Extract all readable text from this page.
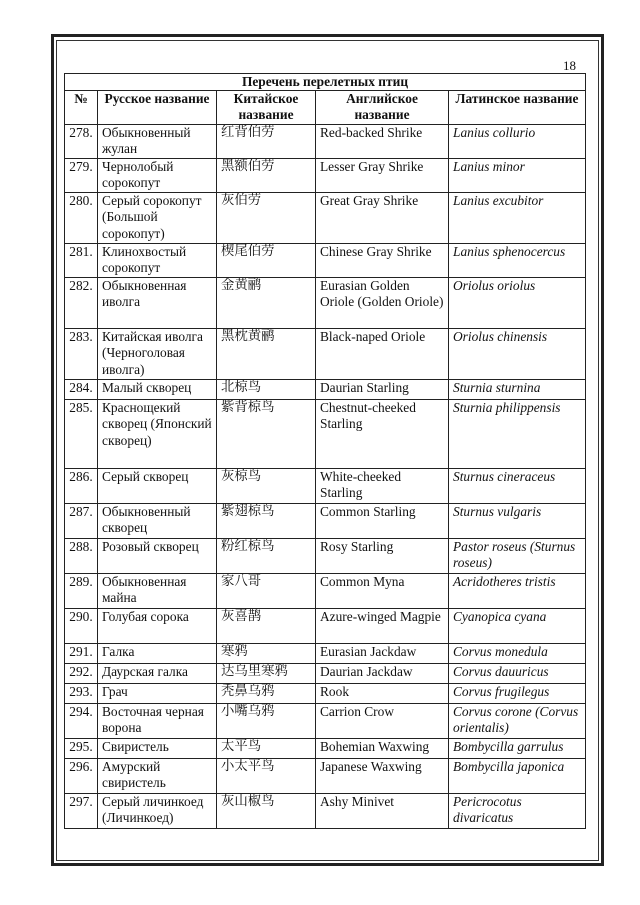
18
Перечень перелетных птиц				
№	Русское название	Китайское название	Английское название	Латинское название
278.	Обыкновенный жулан	红背伯劳	Red-backed Shrike	Lanius collurio
279.	Чернолобый сорокопут	黑额伯劳	Lesser Gray Shrike	Lanius minor
280.	Серый сорокопут (Большой сорокопут)	灰伯劳	Great Gray Shrike	Lanius excubitor
281.	Клинохвостый сорокопут	楔尾伯劳	Chinese Gray Shrike	Lanius sphenocercus
282.	Обыкновенная иволга	金黄鹂	Eurasian Golden Oriole (Golden Oriole)	Oriolus oriolus
283.	Китайская иволга (Черноголовая иволга)	黑枕黄鹂	Black-naped Oriole	Oriolus chinensis
284.	Малый скворец	北椋鸟	Daurian Starling	Sturnia sturnina
285.	Краснощекий скворец (Японский скворец)	紫背椋鸟	Chestnut-cheeked Starling	Sturnia philippensis
286.	Серый скворец	灰椋鸟	White-cheeked Starling	Sturnus cineraceus
287.	Обыкновенный скворец	紫翅椋鸟	Common Starling	Sturnus vulgaris
288.	Розовый скворец	粉红椋鸟	Rosy Starling	Pastor roseus (Sturnus roseus)
289.	Обыкновенная майна	家八哥	Common Myna	Acridotheres tristis
290.	Голубая сорока	灰喜鹊	Azure-winged Magpie	Cyanopica cyana
291.	Галка	寒鸦	Eurasian Jackdaw	Corvus monedula
292.	Даурская галка	达乌里寒鸦	Daurian Jackdaw	Corvus dauuricus
293.	Грач	秃鼻乌鸦	Rook	Corvus frugilegus
294.	Восточная черная ворона	小嘴乌鸦	Carrion Crow	Corvus corone (Corvus orientalis)
295.	Свиристель	太平鸟	Bohemian Waxwing	Bombycilla garrulus
296.	Амурский свиристель	小太平鸟	Japanese Waxwing	Bombycilla japonica
297.	Серый личинкоед (Личинкоед)	灰山椒鸟	Ashy Minivet	Pericrocotus divaricatus
